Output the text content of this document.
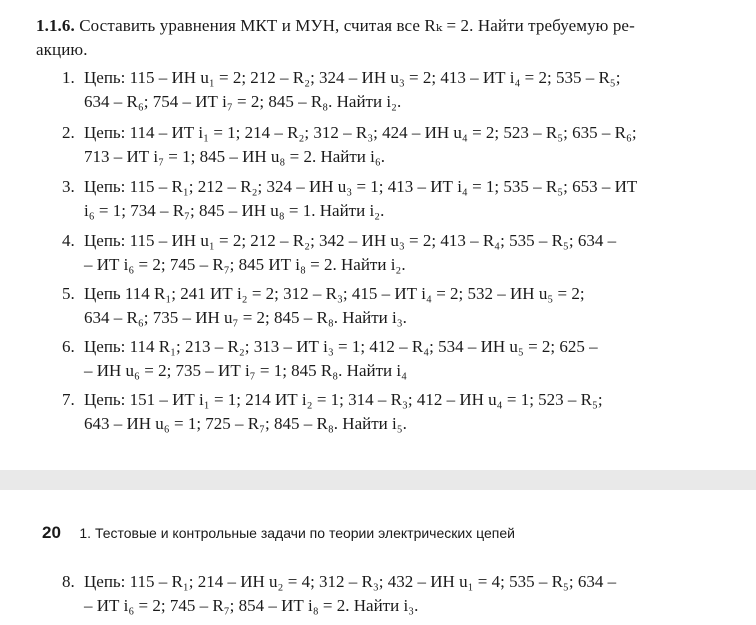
1.1.6. Составить уравнения МКТ и МУН, считая все Rₖ = 2. Найти требуемую ре-
акцию.
1. Цепь: 115 – ИН u₁ = 2; 212 – R₂; 324 – ИН u₃ = 2; 413 – ИТ i₄ = 2; 535 – R₅;
634 – R₆; 754 – ИТ i₇ = 2; 845 – R₈. Найти i₂.
2. Цепь: 114 – ИТ i₁ = 1; 214 – R₂; 312 – R₃; 424 – ИН u₄ = 2; 523 – R₅; 635 – R₆;
713 – ИТ i₇ = 1; 845 – ИН u₈ = 2. Найти i₆.
3. Цепь: 115 – R₁; 212 – R₂; 324 – ИН u₃ = 1; 413 – ИТ i₄ = 1; 535 – R₅; 653 – ИТ
i₆ = 1; 734 – R₇; 845 – ИН u₈ = 1. Найти i₂.
4. Цепь: 115 – ИН u₁ = 2; 212 – R₂; 342 – ИН u₃ = 2; 413 – R₄; 535 – R₅; 634 –
– ИТ i₆ = 2; 745 – R₇; 845 ИТ i₈ = 2. Найти i₂.
5. Цепь 114 R₁; 241 ИТ i₂ = 2; 312 – R₃; 415 – ИТ i₄ = 2; 532 – ИН u₅ = 2;
634 – R₆; 735 – ИН u₇ = 2; 845 – R₈. Найти i₃.
6. Цепь: 114 R₁; 213 – R₂; 313 – ИТ i₃ = 1; 412 – R₄; 534 – ИН u₅ = 2; 625 –
– ИН u₆ = 2; 735 – ИТ i₇ = 1; 845 R₈. Найти i₄
7. Цепь: 151 – ИТ i₁ = 1; 214 ИТ i₂ = 1; 314 – R₃; 412 – ИН u₄ = 1; 523 – R₅;
643 – ИН u₆ = 1; 725 – R₇; 845 – R₈. Найти i₅.
20 1. Тестовые и контрольные задачи по теории электрических цепей
8. Цепь: 115 – R₁; 214 – ИН u₂ = 4; 312 – R₃; 432 – ИН u₁ = 4; 535 – R₅; 634 –
– ИТ i₆ = 2; 745 – R₇; 854 – ИТ i₈ = 2. Найти i₃.
